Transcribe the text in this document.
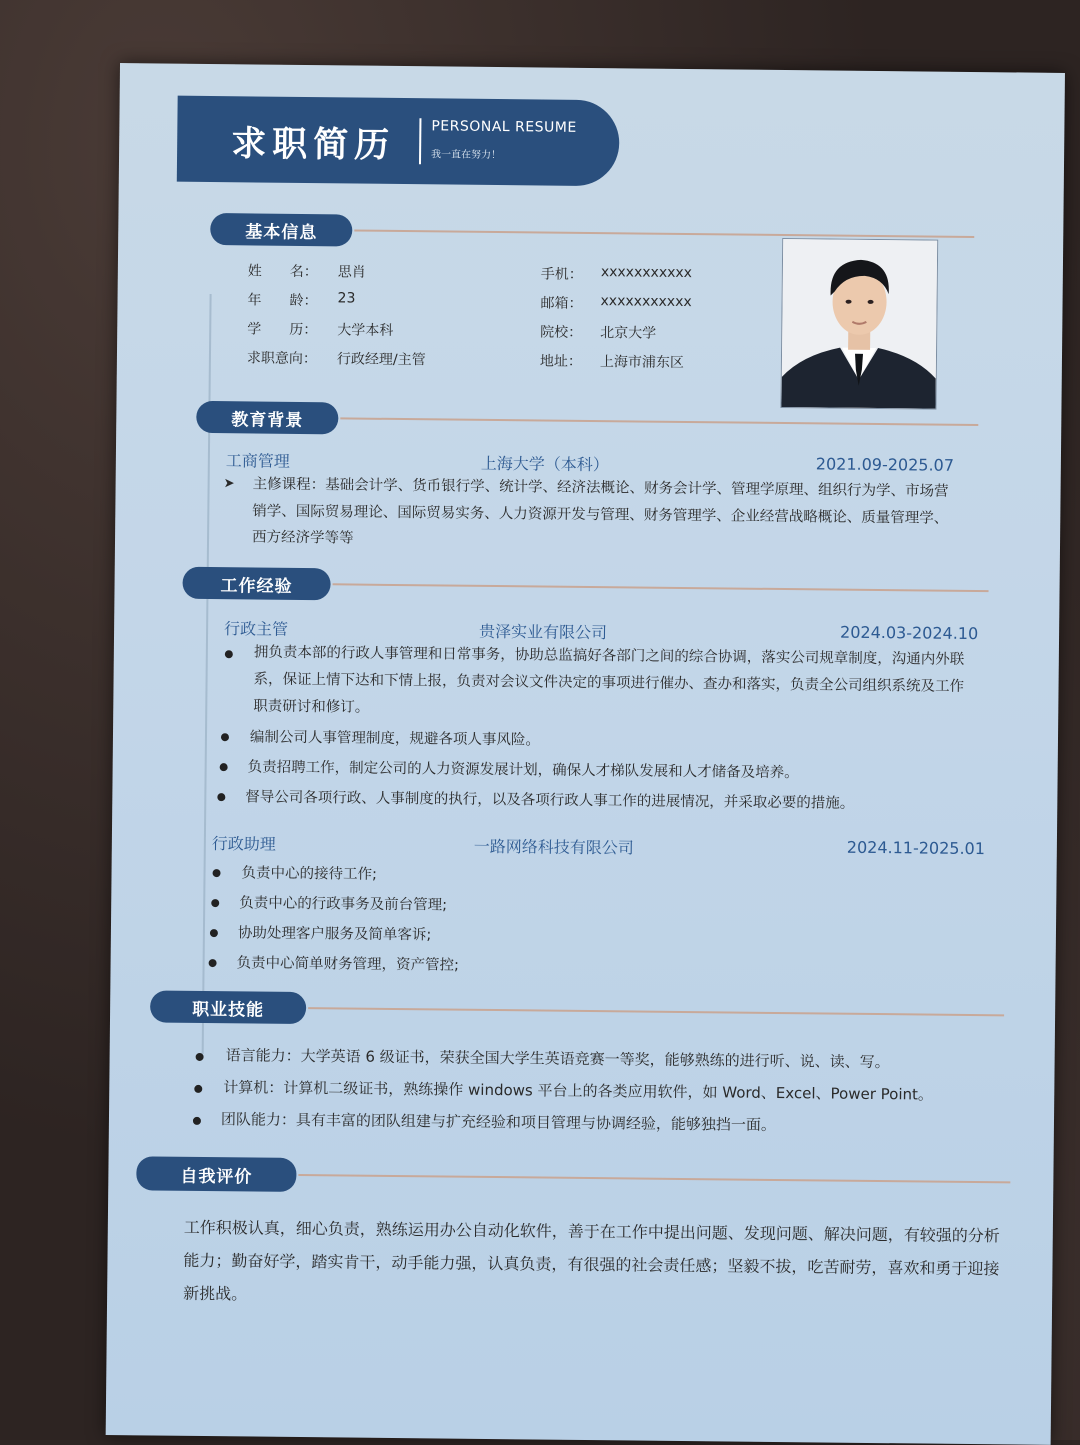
求职简历	PERSONAL RESUME
我一直在努力！
基本信息
姓　　名： 思肖
年　　龄： 23
学　　历： 大学本科
求职意向： 行政经理/主管
手机： xxxxxxxxxxx
邮箱： xxxxxxxxxxx
院校： 北京大学
地址： 上海市浦东区
教育背景
工商管理	上海大学（本科）	2021.09-2025.07
➤ 主修课程：基础会计学、货币银行学、统计学、经济法概论、财务会计学、管理学原理、组织行为学、市场营销学、国际贸易理论、国际贸易实务、人力资源开发与管理、财务管理学、企业经营战略概论、质量管理学、西方经济学等等
工作经验
行政主管	贵泽实业有限公司	2024.03-2024.10
拥负责本部的行政人事管理和日常事务，协助总监搞好各部门之间的综合协调，落实公司规章制度，沟通内外联系，保证上情下达和下情上报，负责对会议文件决定的事项进行催办、查办和落实，负责全公司组织系统及工作职责研讨和修订。
编制公司人事管理制度，规避各项人事风险。
负责招聘工作，制定公司的人力资源发展计划，确保人才梯队发展和人才储备及培养。
督导公司各项行政、人事制度的执行，以及各项行政人事工作的进展情况，并采取必要的措施。
行政助理	一路网络科技有限公司	2024.11-2025.01
负责中心的接待工作;
负责中心的行政事务及前台管理;
协助处理客户服务及简单客诉;
负责中心简单财务管理，资产管控;
职业技能
语言能力：大学英语 6 级证书，荣获全国大学生英语竞赛一等奖，能够熟练的进行听、说、读、写。
计算机：计算机二级证书，熟练操作 windows 平台上的各类应用软件，如 Word、Excel、Power Point。
团队能力：具有丰富的团队组建与扩充经验和项目管理与协调经验，能够独挡一面。
自我评价
工作积极认真，细心负责，熟练运用办公自动化软件，善于在工作中提出问题、发现问题、解决问题，有较强的分析能力；勤奋好学，踏实肯干，动手能力强，认真负责，有很强的社会责任感；坚毅不拔，吃苦耐劳，喜欢和勇于迎接新挑战。
